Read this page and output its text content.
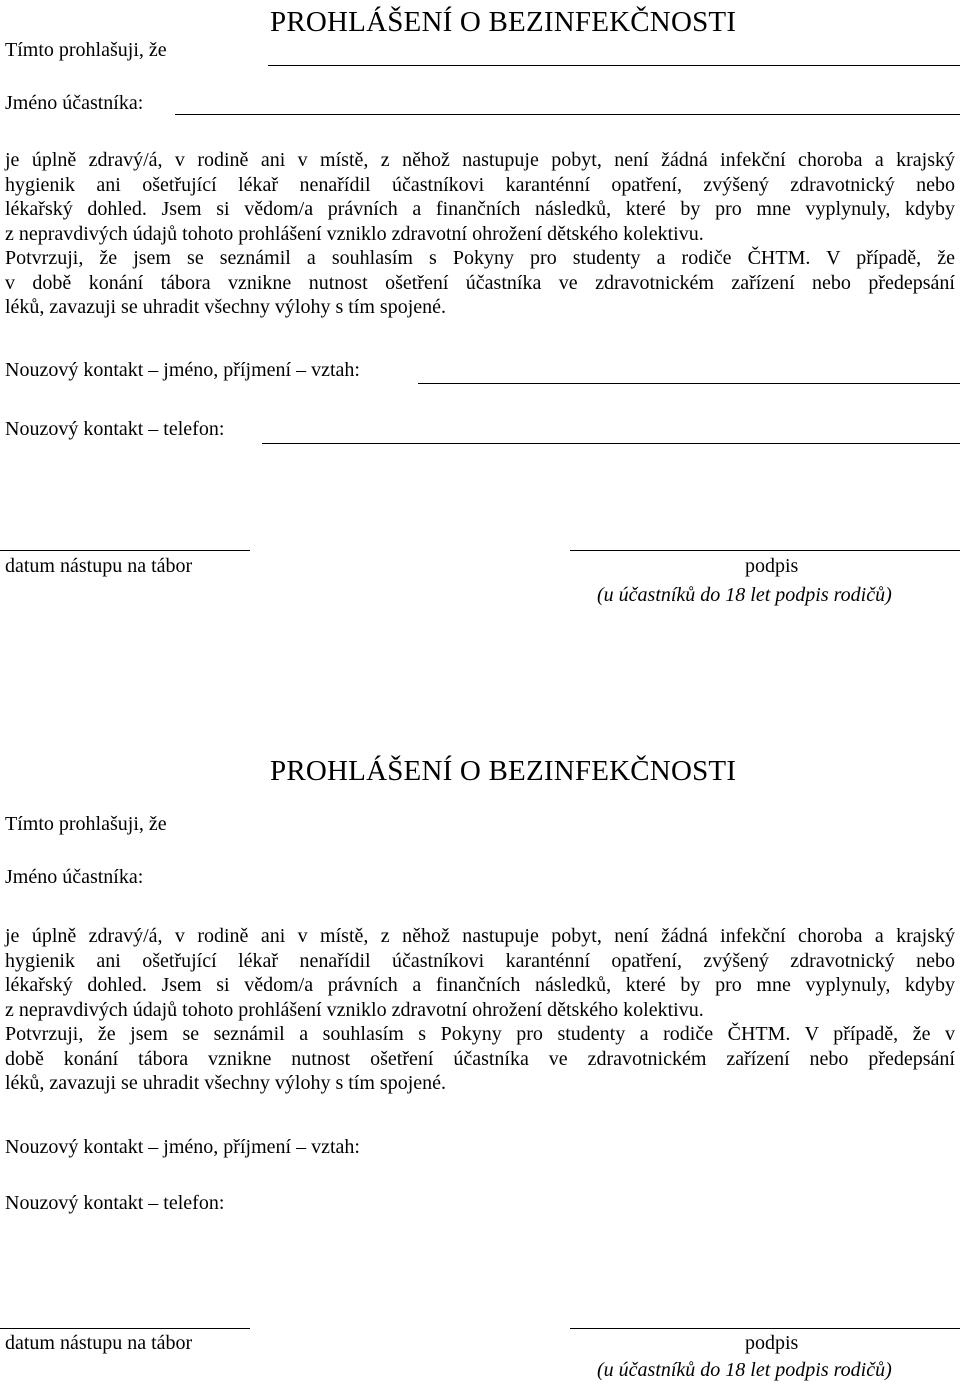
PROHLÁŠENÍ O BEZINFEKČNOSTI
Tímto prohlašuji, že
Jméno účastníka:
je úplně zdravý/á, v rodině ani v místě, z něhož nastupuje pobyt, není žádná infekční choroba a krajský
hygienik ani ošetřující lékař nenařídil účastníkovi karanténní opatření, zvýšený zdravotnický nebo
lékařský dohled. Jsem si vědom/a právních a finančních následků, které by pro mne vyplynuly, kdyby
z nepravdivých údajů tohoto prohlášení vzniklo zdravotní ohrožení dětského kolektivu.
Potvrzuji, že jsem se seznámil a souhlasím s Pokyny pro studenty a rodiče ČHTM. V případě, že
v době konání tábora vznikne nutnost ošetření účastníka ve zdravotnickém zařízení nebo předepsání
léků, zavazuji se uhradit všechny výlohy s tím spojené.
Nouzový kontakt – jméno, příjmení – vztah:
Nouzový kontakt – telefon:
datum nástupu na tábor	podpis
(u účastníků do 18 let podpis rodičů)
PROHLÁŠENÍ O BEZINFEKČNOSTI
Tímto prohlašuji, že
Jméno účastníka:
je úplně zdravý/á, v rodině ani v místě, z něhož nastupuje pobyt, není žádná infekční choroba a krajský
hygienik ani ošetřující lékař nenařídil účastníkovi karanténní opatření, zvýšený zdravotnický nebo
lékařský dohled. Jsem si vědom/a právních a finančních následků, které by pro mne vyplynuly, kdyby
z nepravdivých údajů tohoto prohlášení vzniklo zdravotní ohrožení dětského kolektivu.
Potvrzuji, že jsem se seznámil a souhlasím s Pokyny pro studenty a rodiče ČHTM. V případě, že v
době konání tábora vznikne nutnost ošetření účastníka ve zdravotnickém zařízení nebo předepsání
léků, zavazuji se uhradit všechny výlohy s tím spojené.
Nouzový kontakt – jméno, příjmení – vztah:
Nouzový kontakt – telefon:
datum nástupu na tábor	podpis
(u účastníků do 18 let podpis rodičů)
